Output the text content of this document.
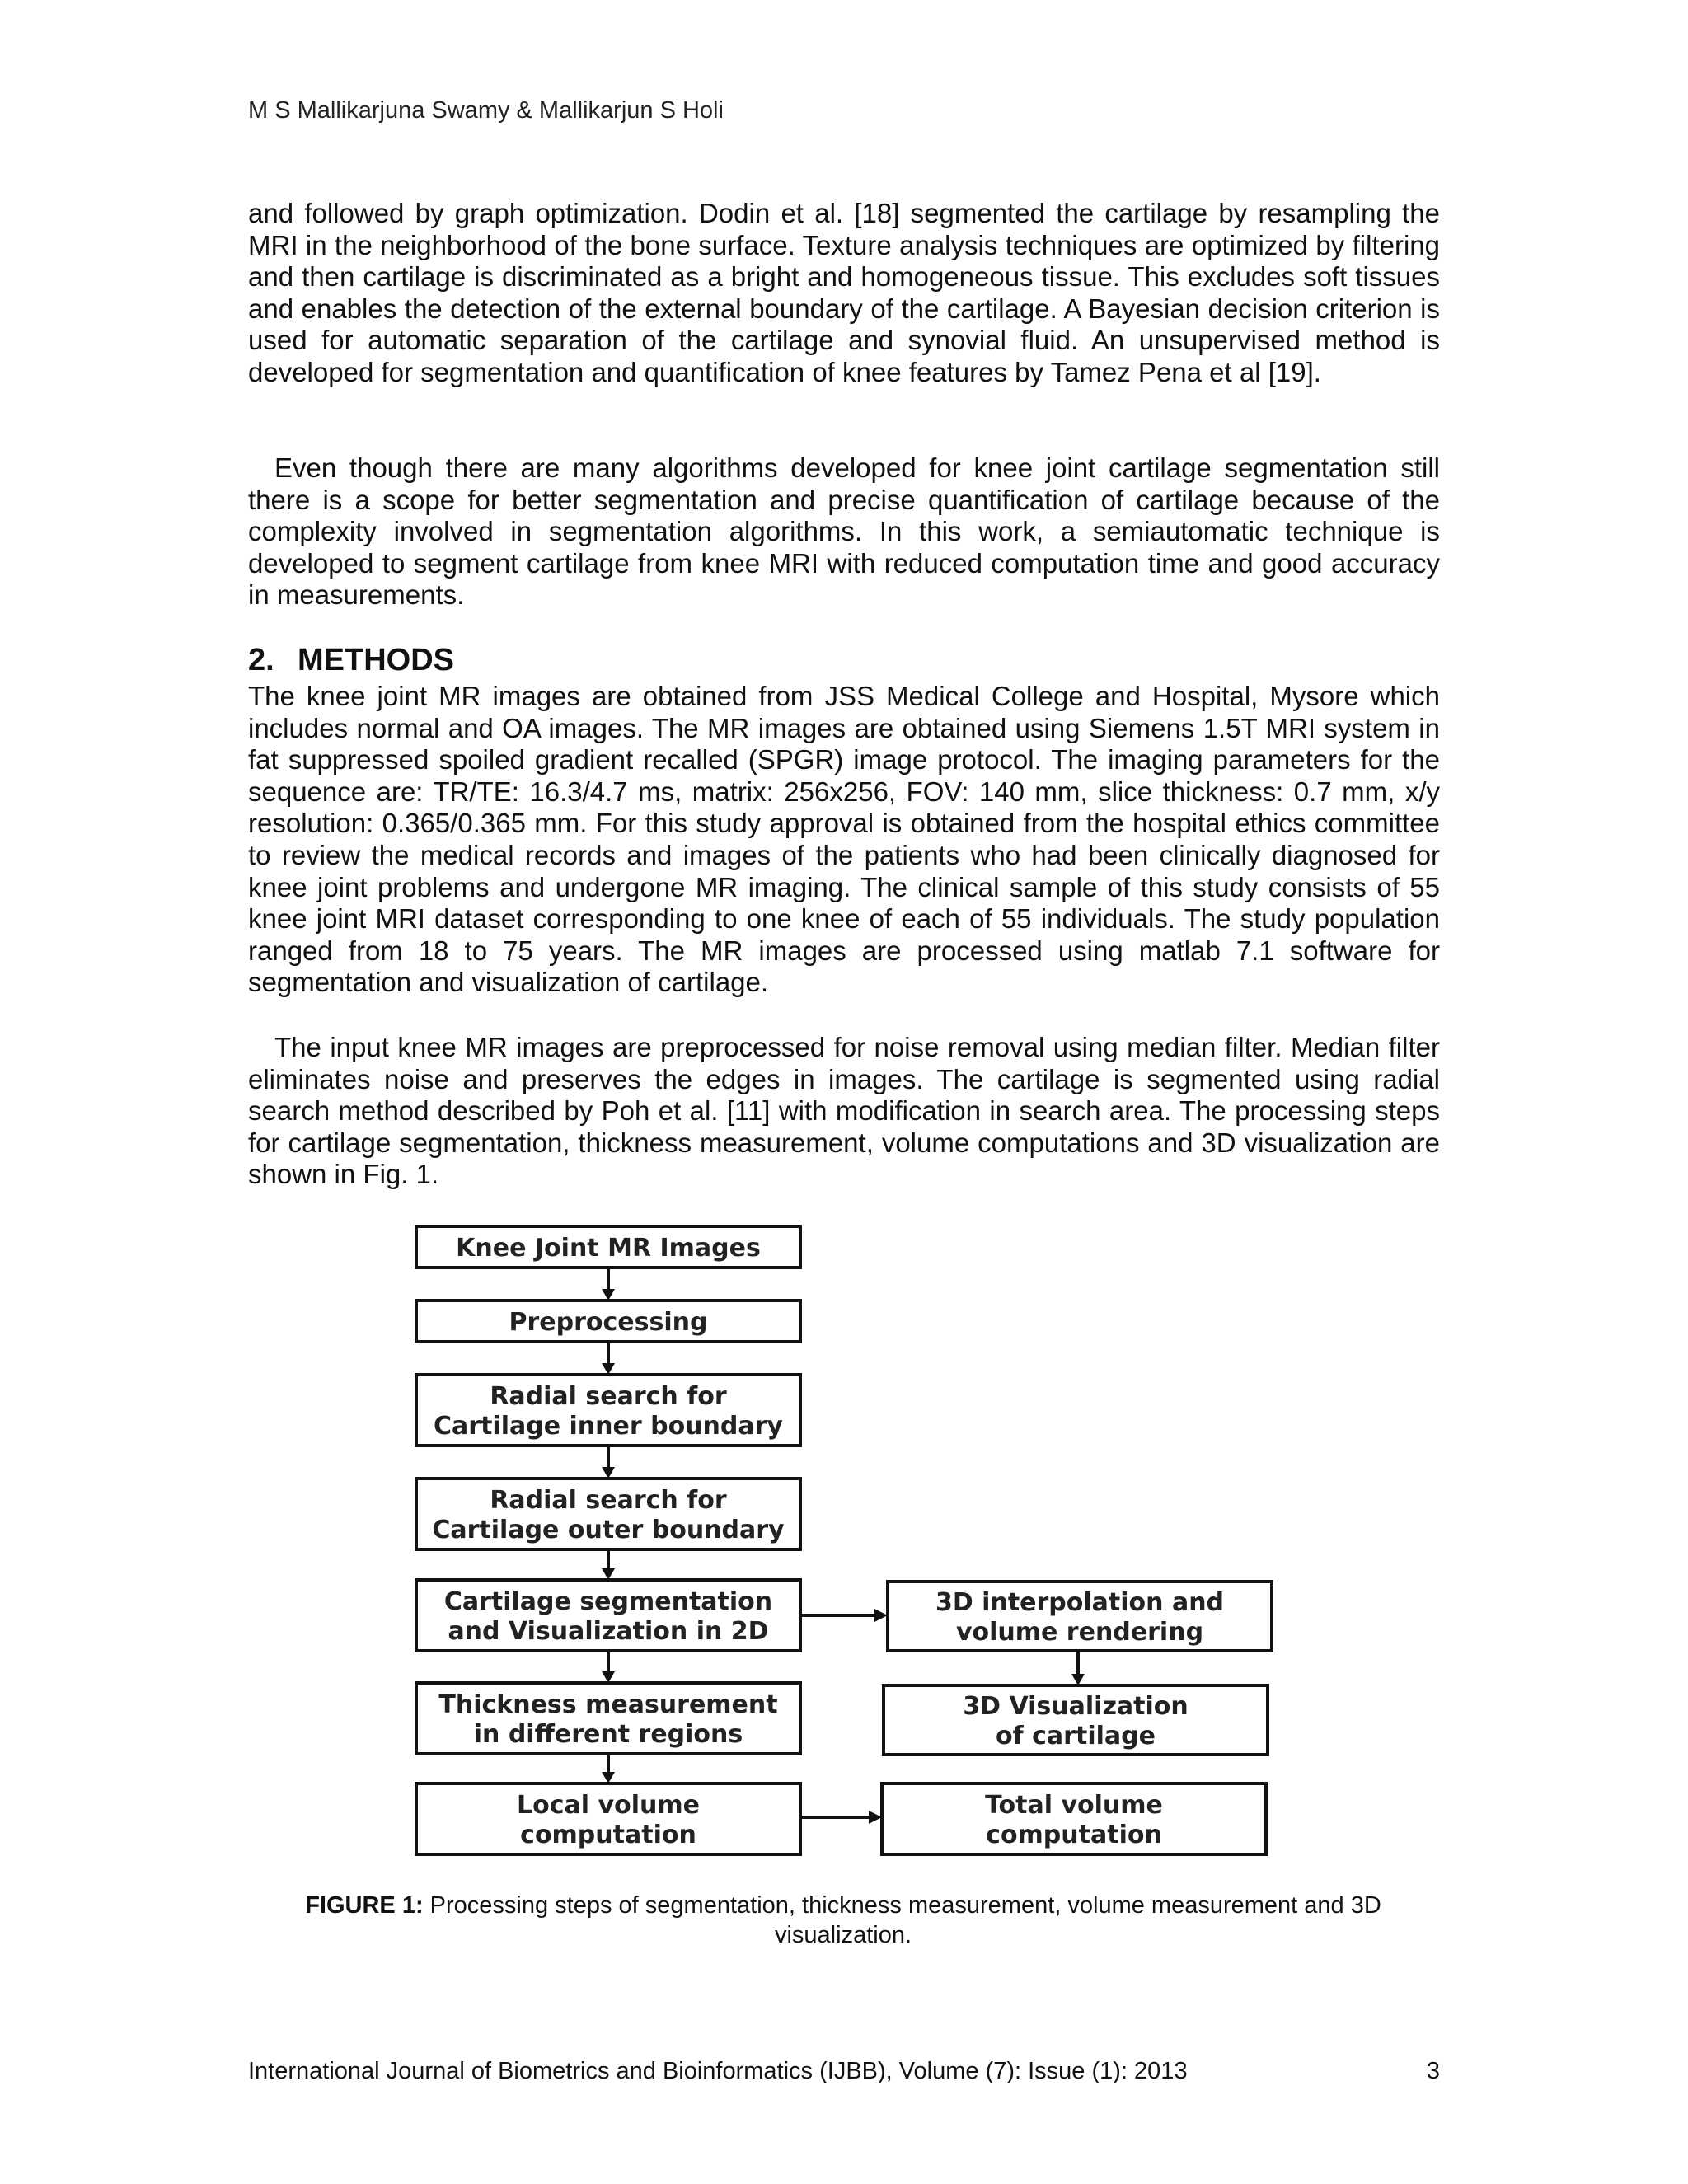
M S Mallikarjuna Swamy & Mallikarjun S Holi

and followed by graph optimization. Dodin et al. [18] segmented the cartilage by resampling the MRI in the neighborhood of the bone surface. Texture analysis techniques are optimized by filtering and then cartilage is discriminated as a bright and homogeneous tissue. This excludes soft tissues and enables the detection of the external boundary of the cartilage. A Bayesian decision criterion is used for automatic separation of the cartilage and synovial fluid. An unsupervised method is developed for segmentation and quantification of knee features by Tamez Pena et al [19].

Even though there are many algorithms developed for knee joint cartilage segmentation still there is a scope for better segmentation and precise quantification of cartilage because of the complexity involved in segmentation algorithms. In this work, a semiautomatic technique is developed to segment cartilage from knee MRI with reduced computation time and good accuracy in measurements.

2. METHODS

The knee joint MR images are obtained from JSS Medical College and Hospital, Mysore which includes normal and OA images. The MR images are obtained using Siemens 1.5T MRI system in fat suppressed spoiled gradient recalled (SPGR) image protocol. The imaging parameters for the sequence are: TR/TE: 16.3/4.7 ms, matrix: 256x256, FOV: 140 mm, slice thickness: 0.7 mm, x/y resolution: 0.365/0.365 mm. For this study approval is obtained from the hospital ethics committee to review the medical records and images of the patients who had been clinically diagnosed for knee joint problems and undergone MR imaging. The clinical sample of this study consists of 55 knee joint MRI dataset corresponding to one knee of each of 55 individuals. The study population ranged from 18 to 75 years. The MR images are processed using matlab 7.1 software for segmentation and visualization of cartilage.

The input knee MR images are preprocessed for noise removal using median filter. Median filter eliminates noise and preserves the edges in images. The cartilage is segmented using radial search method described by Poh et al. [11] with modification in search area. The processing steps for cartilage segmentation, thickness measurement, volume computations and 3D visualization are shown in Fig. 1.

Knee Joint MR Images
Preprocessing
Radial search for
Cartilage inner boundary
Radial search for
Cartilage outer boundary
Cartilage segmentation
and Visualization in 2D
Thickness measurement
in different regions
Local volume
computation
3D interpolation and
volume rendering
3D Visualization
of cartilage
Total volume
computation
FIGURE 1: Processing steps of segmentation, thickness measurement, volume measurement and 3D visualization.
International Journal of Biometrics and Bioinformatics (IJBB), Volume (7): Issue (1): 2013	3
